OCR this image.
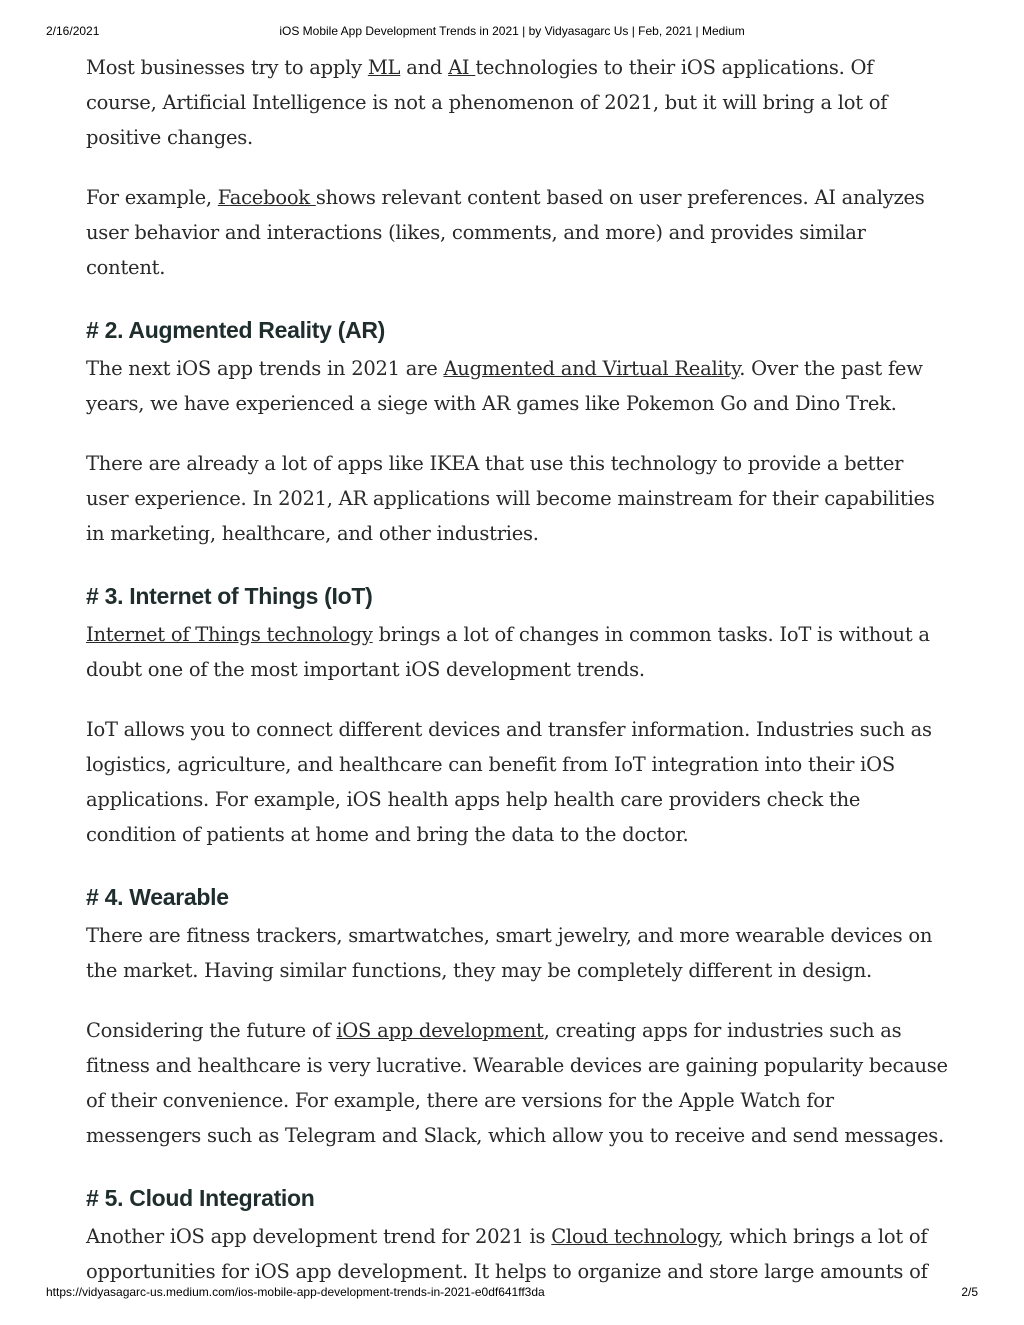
2/16/2021	iOS Mobile App Development Trends in 2021 | by Vidyasagarc Us | Feb, 2021 | Medium

Most businesses try to apply ML and AI technologies to their iOS applications. Of course, Artificial Intelligence is not a phenomenon of 2021, but it will bring a lot of positive changes.

For example, Facebook shows relevant content based on user preferences. AI analyzes user behavior and interactions (likes, comments, and more) and provides similar content.

# 2. Augmented Reality (AR)

The next iOS app trends in 2021 are Augmented and Virtual Reality. Over the past few years, we have experienced a siege with AR games like Pokemon Go and Dino Trek.

There are already a lot of apps like IKEA that use this technology to provide a better user experience. In 2021, AR applications will become mainstream for their capabilities in marketing, healthcare, and other industries.

# 3. Internet of Things (IoT)

Internet of Things technology brings a lot of changes in common tasks. IoT is without a doubt one of the most important iOS development trends.

IoT allows you to connect different devices and transfer information. Industries such as logistics, agriculture, and healthcare can benefit from IoT integration into their iOS applications. For example, iOS health apps help health care providers check the condition of patients at home and bring the data to the doctor.

# 4. Wearable

There are fitness trackers, smartwatches, smart jewelry, and more wearable devices on the market. Having similar functions, they may be completely different in design.

Considering the future of iOS app development, creating apps for industries such as fitness and healthcare is very lucrative. Wearable devices are gaining popularity because of their convenience. For example, there are versions for the Apple Watch for messengers such as Telegram and Slack, which allow you to receive and send messages.

# 5. Cloud Integration

Another iOS app development trend for 2021 is Cloud technology, which brings a lot of opportunities for iOS app development. It helps to organize and store large amounts of

https://vidyasagarc-us.medium.com/ios-mobile-app-development-trends-in-2021-e0df641ff3da	2/5
